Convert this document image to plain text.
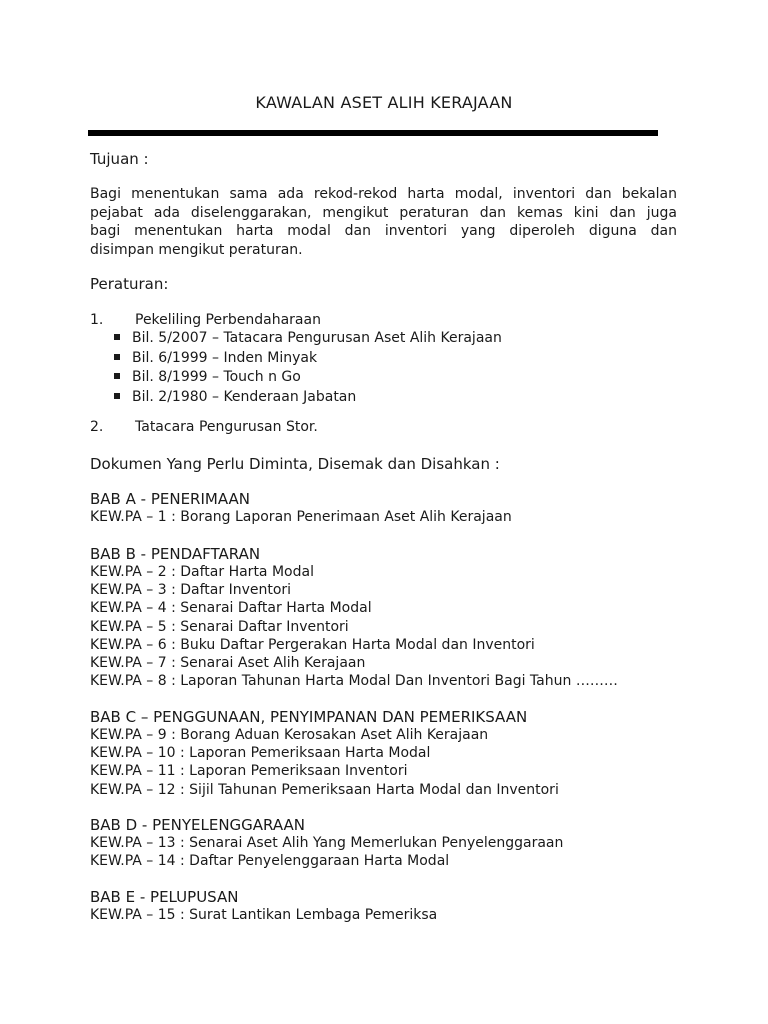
KAWALAN ASET ALIH KERAJAAN
Tujuan :
Bagi menentukan sama ada rekod-rekod harta modal, inventori dan bekalan
pejabat ada diselenggarakan, mengikut peraturan dan kemas kini dan juga
bagi menentukan harta modal dan inventori yang diperoleh diguna dan
disimpan mengikut peraturan.
Peraturan:
1. Pekeliling Perbendaharaan
Bil. 5/2007 – Tatacara Pengurusan Aset Alih Kerajaan
Bil. 6/1999 – Inden Minyak
Bil. 8/1999 – Touch n Go
Bil. 2/1980 – Kenderaan Jabatan
2. Tatacara Pengurusan Stor.
Dokumen Yang Perlu Diminta, Disemak dan Disahkan :
BAB A - PENERIMAAN
KEW.PA – 1 : Borang Laporan Penerimaan Aset Alih Kerajaan
BAB B - PENDAFTARAN
KEW.PA – 2 : Daftar Harta Modal
KEW.PA – 3 : Daftar Inventori
KEW.PA – 4 : Senarai Daftar Harta Modal
KEW.PA – 5 : Senarai Daftar Inventori
KEW.PA – 6 : Buku Daftar Pergerakan Harta Modal dan Inventori
KEW.PA – 7 : Senarai Aset Alih Kerajaan
KEW.PA – 8 : Laporan Tahunan Harta Modal Dan Inventori Bagi Tahun ………
BAB C – PENGGUNAAN, PENYIMPANAN DAN PEMERIKSAAN
KEW.PA – 9 : Borang Aduan Kerosakan Aset Alih Kerajaan
KEW.PA – 10 : Laporan Pemeriksaan Harta Modal
KEW.PA – 11 : Laporan Pemeriksaan Inventori
KEW.PA – 12 : Sijil Tahunan Pemeriksaan Harta Modal dan Inventori
BAB D - PENYELENGGARAAN
KEW.PA – 13 : Senarai Aset Alih Yang Memerlukan Penyelenggaraan
KEW.PA – 14 : Daftar Penyelenggaraan Harta Modal
BAB E - PELUPUSAN
KEW.PA – 15 : Surat Lantikan Lembaga Pemeriksa
